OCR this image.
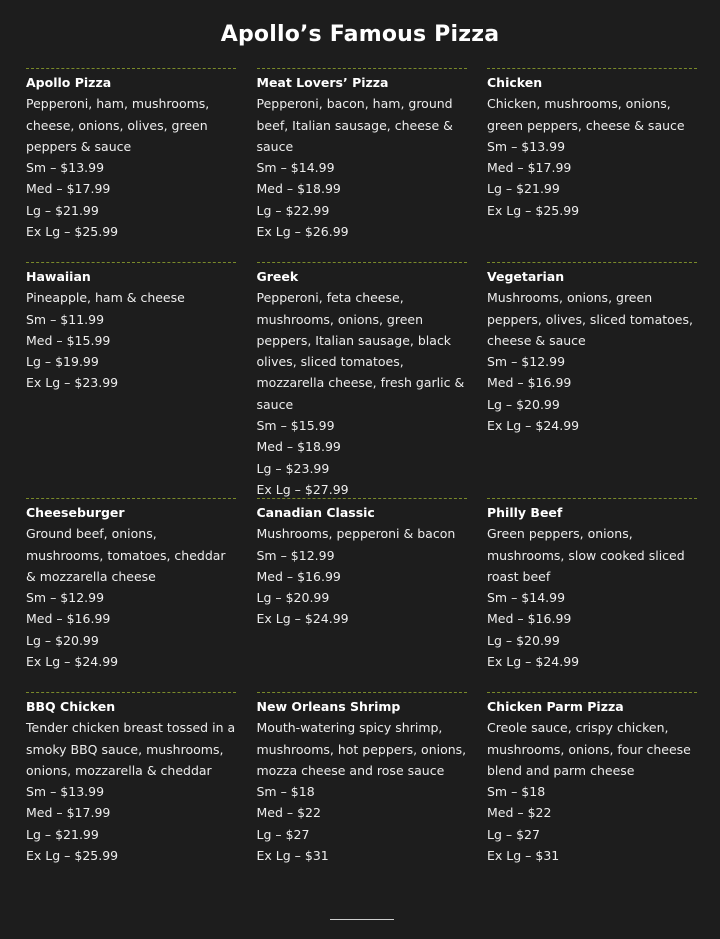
Apollo’s Famous Pizza
Apollo Pizza
Pepperoni, ham, mushrooms, cheese, onions, olives, green peppers & sauce
Sm – $13.99
Med – $17.99
Lg – $21.99
Ex Lg – $25.99
Meat Lovers’ Pizza
Pepperoni, bacon, ham, ground beef, Italian sausage, cheese & sauce
Sm – $14.99
Med – $18.99
Lg – $22.99
Ex Lg – $26.99
Chicken
Chicken, mushrooms, onions, green peppers, cheese & sauce
Sm – $13.99
Med – $17.99
Lg – $21.99
Ex Lg – $25.99
Hawaiian
Pineapple, ham & cheese
Sm – $11.99
Med – $15.99
Lg – $19.99
Ex Lg – $23.99
Greek
Pepperoni, feta cheese, mushrooms, onions, green peppers, Italian sausage, black olives, sliced tomatoes, mozzarella cheese, fresh garlic & sauce
Sm – $15.99
Med – $18.99
Lg – $23.99
Ex Lg – $27.99
Vegetarian
Mushrooms, onions, green peppers, olives, sliced tomatoes, cheese & sauce
Sm – $12.99
Med – $16.99
Lg – $20.99
Ex Lg – $24.99
Cheeseburger
Ground beef, onions, mushrooms, tomatoes, cheddar & mozzarella cheese
Sm – $12.99
Med – $16.99
Lg – $20.99
Ex Lg – $24.99
Canadian Classic
Mushrooms, pepperoni & bacon
Sm – $12.99
Med – $16.99
Lg – $20.99
Ex Lg – $24.99
Philly Beef
Green peppers, onions, mushrooms, slow cooked sliced roast beef
Sm – $14.99
Med – $16.99
Lg – $20.99
Ex Lg – $24.99
BBQ Chicken
Tender chicken breast tossed in a smoky BBQ sauce, mushrooms, onions, mozzarella & cheddar
Sm – $13.99
Med – $17.99
Lg – $21.99
Ex Lg – $25.99
New Orleans Shrimp
Mouth-watering spicy shrimp, mushrooms, hot peppers, onions, mozza cheese and rose sauce
Sm – $18
Med – $22
Lg – $27
Ex Lg – $31
Chicken Parm Pizza
Creole sauce, crispy chicken, mushrooms, onions, four cheese blend and parm cheese
Sm – $18
Med – $22
Lg – $27
Ex Lg – $31
